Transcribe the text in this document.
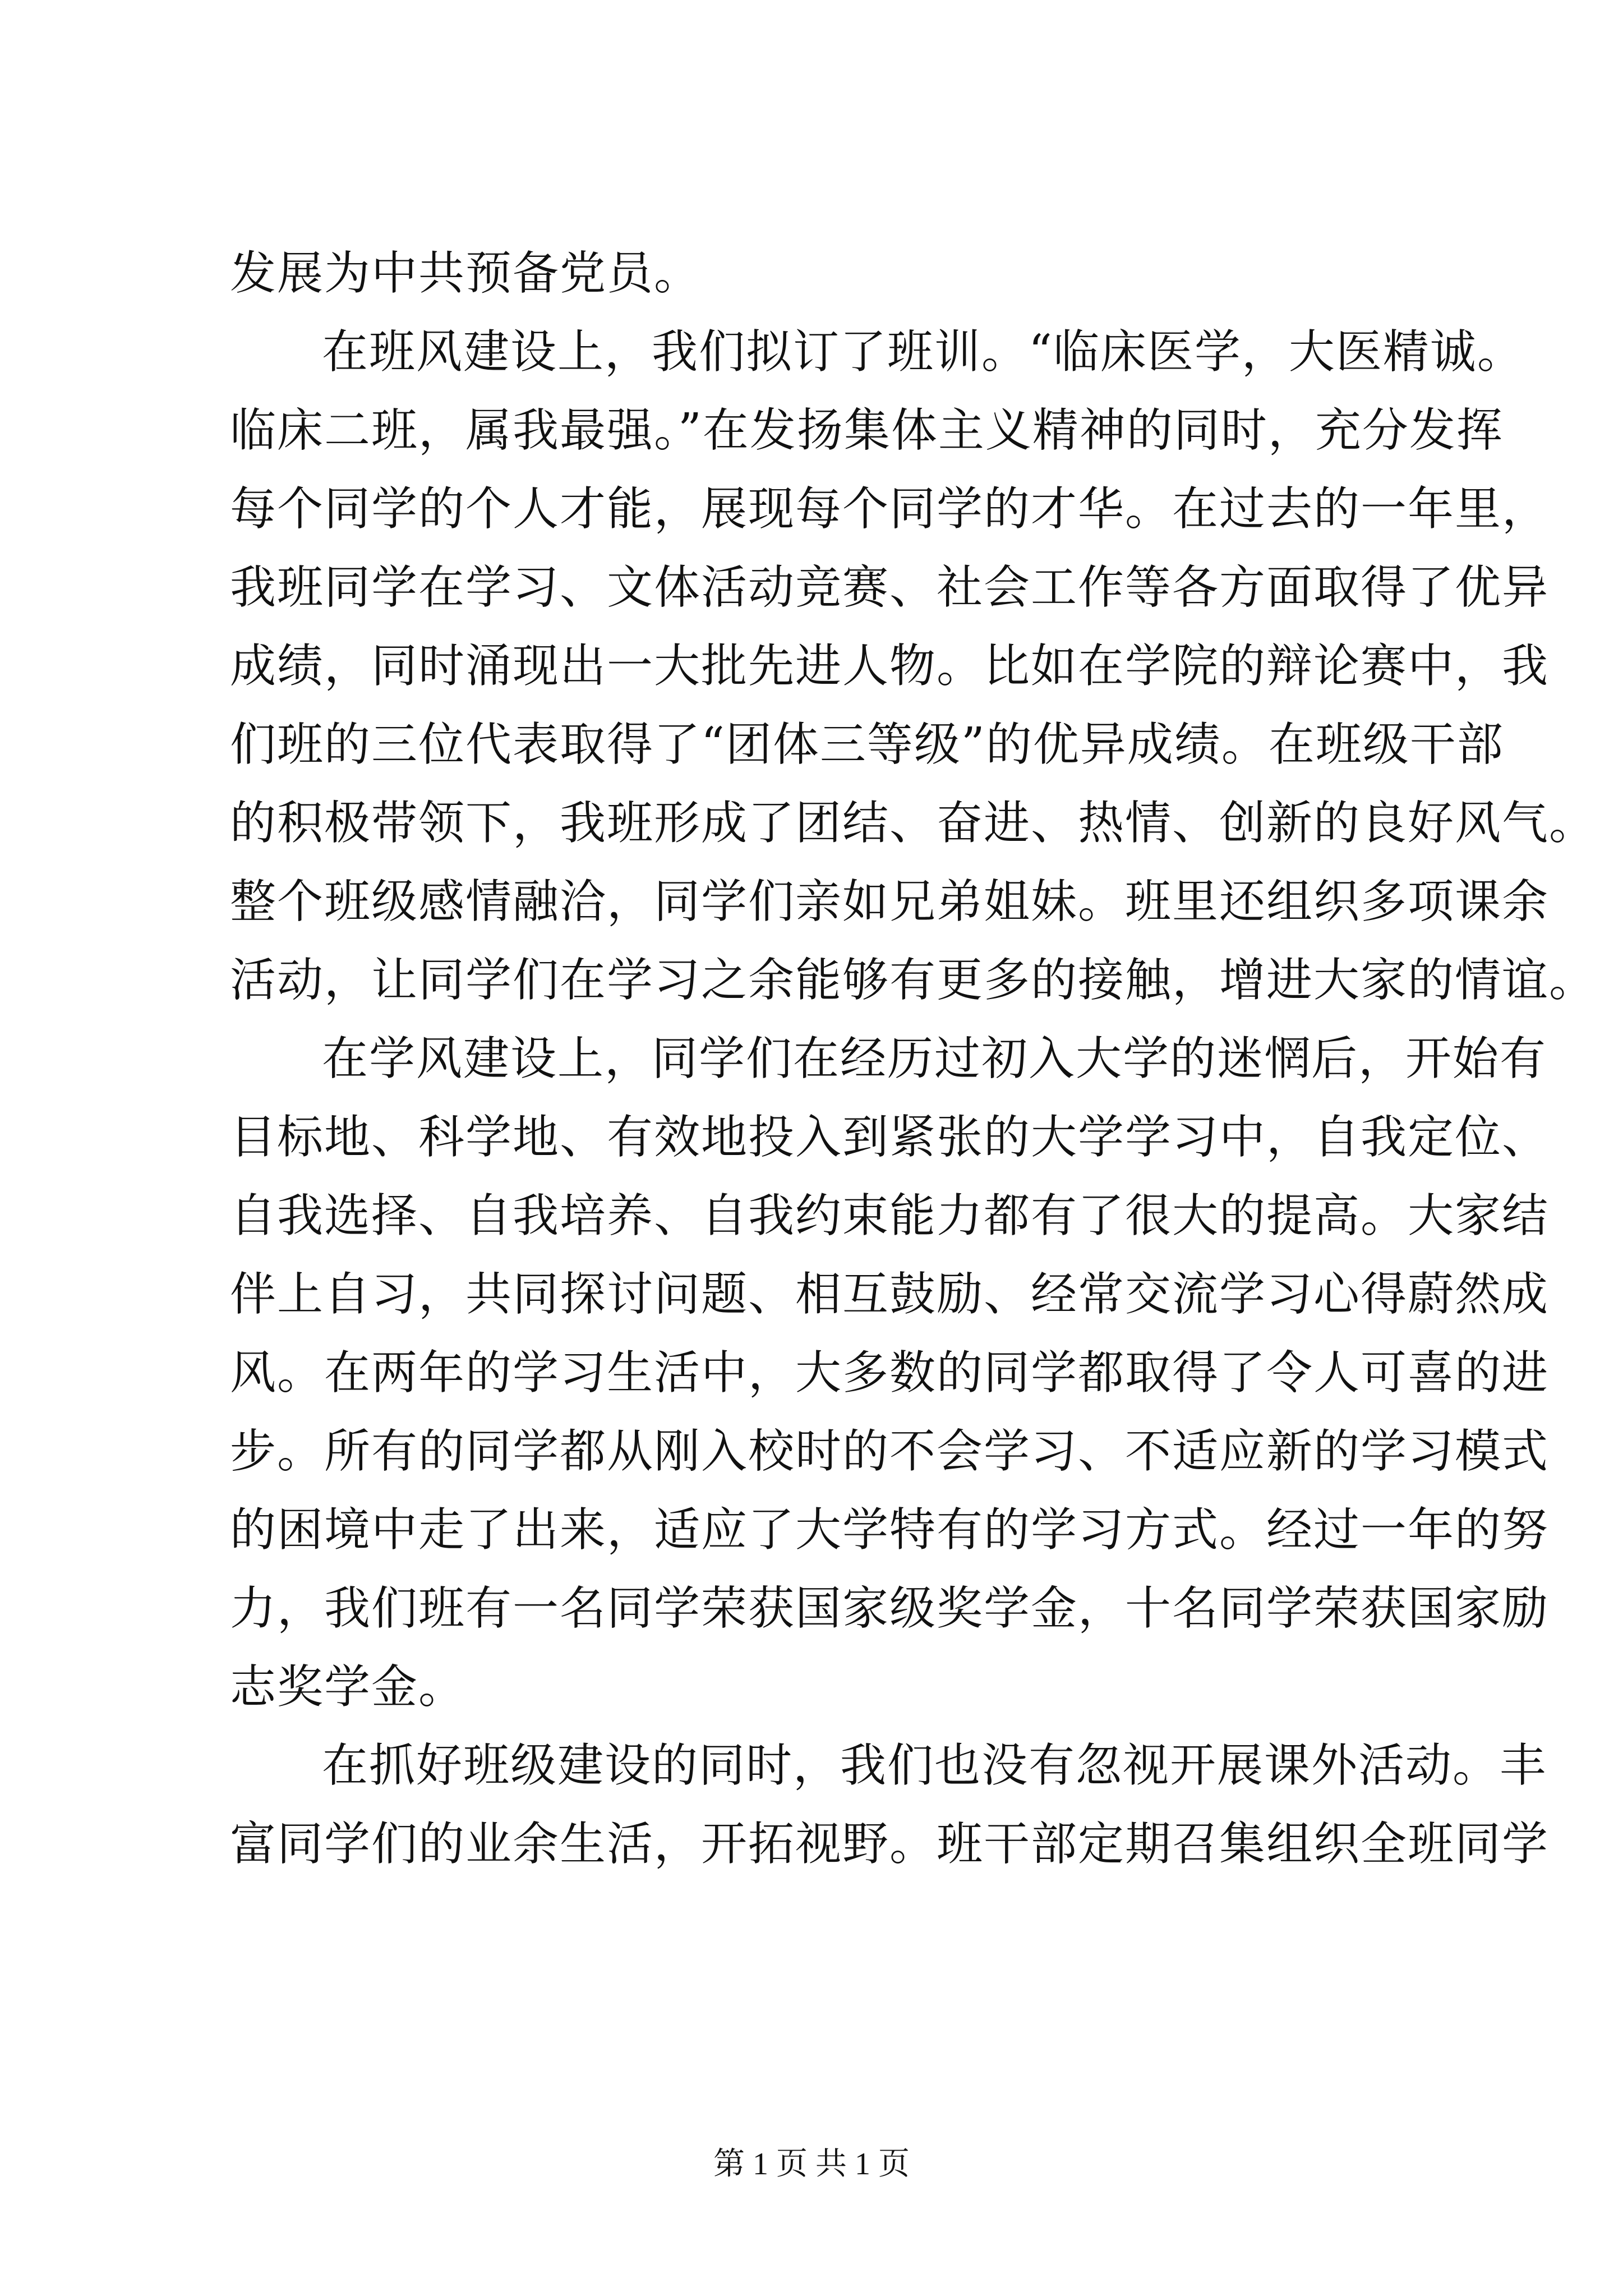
发展为中共预备党员。
在班风建设上，我们拟订了班训。“临床医学，大医精诚。
临床二班，属我最强。”在发扬集体主义精神的同时，充分发挥
每个同学的个人才能，展现每个同学的才华。在过去的一年里，
我班同学在学习、文体活动竞赛、社会工作等各方面取得了优异
成绩，同时涌现出一大批先进人物。比如在学院的辩论赛中，我
们班的三位代表取得了“团体三等级”的优异成绩。在班级干部
的积极带领下，我班形成了团结、奋进、热情、创新的良好风气。
整个班级感情融洽，同学们亲如兄弟姐妹。班里还组织多项课余
活动，让同学们在学习之余能够有更多的接触，增进大家的情谊。
在学风建设上，同学们在经历过初入大学的迷惘后，开始有
目标地、科学地、有效地投入到紧张的大学学习中，自我定位、
自我选择、自我培养、自我约束能力都有了很大的提高。大家结
伴上自习，共同探讨问题、相互鼓励、经常交流学习心得蔚然成
风。在两年的学习生活中，大多数的同学都取得了令人可喜的进
步。所有的同学都从刚入校时的不会学习、不适应新的学习模式
的困境中走了出来，适应了大学特有的学习方式。经过一年的努
力，我们班有一名同学荣获国家级奖学金，十名同学荣获国家励
志奖学金。
在抓好班级建设的同时，我们也没有忽视开展课外活动。丰
富同学们的业余生活，开拓视野。班干部定期召集组织全班同学
第 1 页 共 1 页
